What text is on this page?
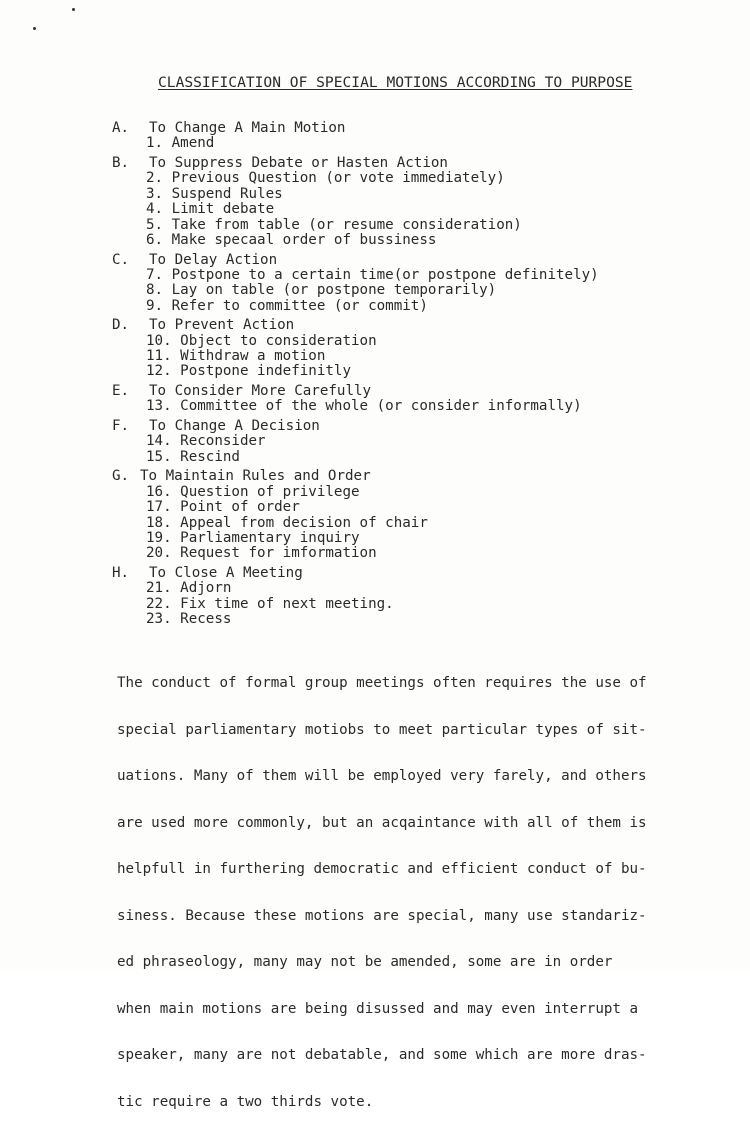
CLASSIFICATION OF SPECIAL MOTIONS ACCORDING TO PURPOSE
A. To Change A Main Motion
1. Amend
B. To Suppress Debate or Hasten Action
2. Previous Question (or vote immediately)
3. Suspend Rules
4. Limit debate
5. Take from table (or resume consideration)
6. Make specaal order of bussiness
C. To Delay Action
7. Postpone to a certain time(or postpone definitely)
8. Lay on table (or postpone temporarily)
9. Refer to committee (or commit)
D. To Prevent Action
10. Object to consideration
11. Withdraw a motion
12. Postpone indefinitly
E. To Consider More Carefully
13. Committee of the whole (or consider informally)
F. To Change A Decision
14. Reconsider
15. Rescind
G. To Maintain Rules and Order
16. Question of privilege
17. Point of order
18. Appeal from decision of chair
19. Parliamentary inquiry
20. Request for imformation
H. To Close A Meeting
21. Adjorn
22. Fix time of next meeting.
23. Recess

The conduct of formal group meetings often requires the use of

special parliamentary motiobs to meet particular types of sit-

uations. Many of them will be employed very farely, and others

are used more commonly, but an acqaintance with all of them is

helpfull in furthering democratic and efficient conduct of bu-

siness. Because these motions are special, many use standariz-

ed phraseology, many may not be amended, some are in order

when main motions are being disussed and may even interrupt a

speaker, many are not debatable, and some which are more dras-

tic require a two thirds vote.
